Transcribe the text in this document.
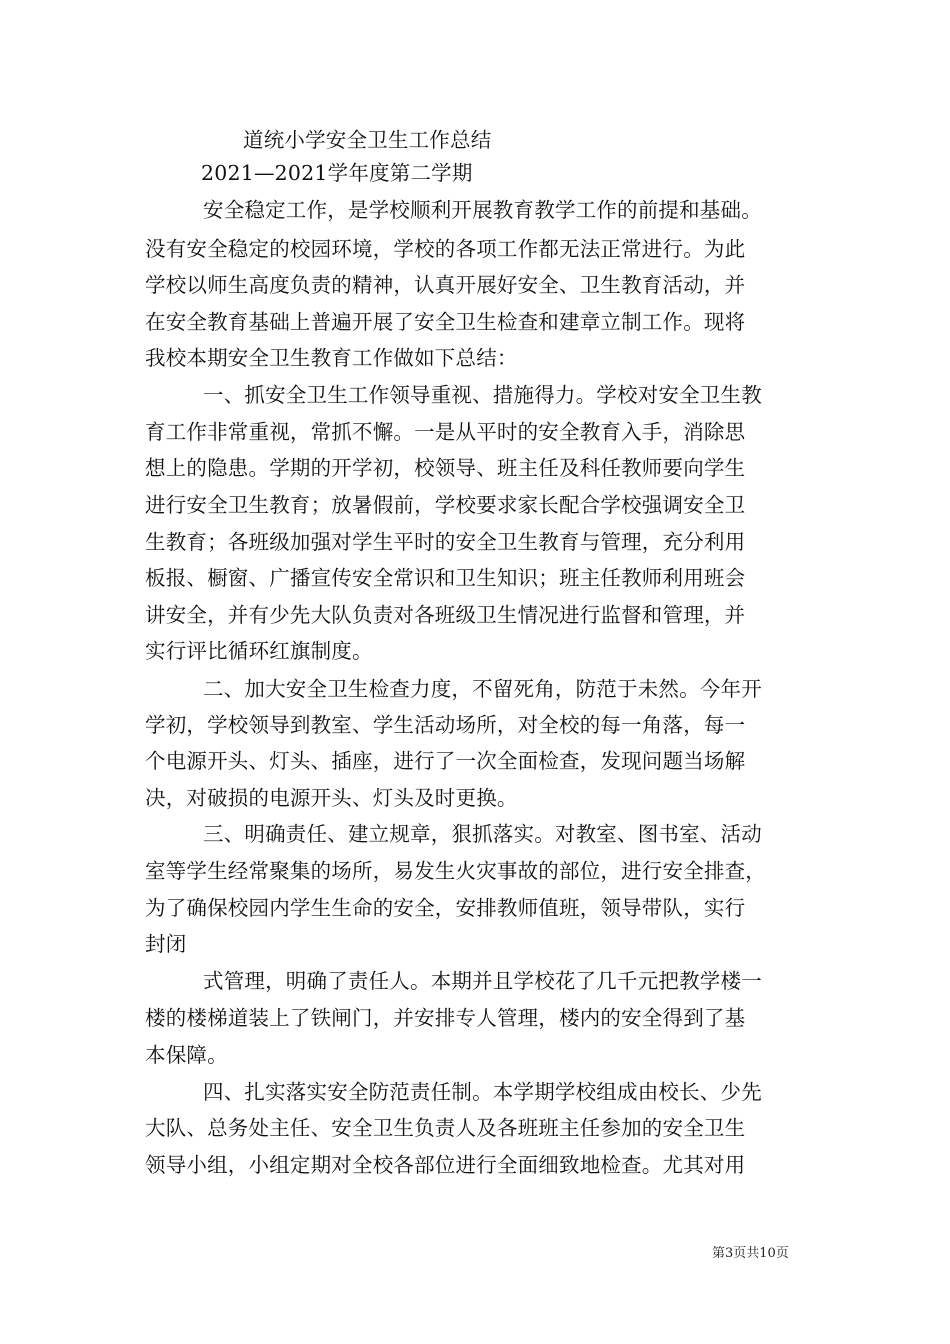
道统小学安全卫生工作总结
2021—2021学年度第二学期
安全稳定工作，是学校顺利开展教育教学工作的前提和基础。
没有安全稳定的校园环境，学校的各项工作都无法正常进行。为此
学校以师生高度负责的精神，认真开展好安全、卫生教育活动，并
在安全教育基础上普遍开展了安全卫生检查和建章立制工作。现将
我校本期安全卫生教育工作做如下总结：
一、抓安全卫生工作领导重视、措施得力。学校对安全卫生教
育工作非常重视，常抓不懈。一是从平时的安全教育入手，消除思
想上的隐患。学期的开学初，校领导、班主任及科任教师要向学生
进行安全卫生教育；放暑假前，学校要求家长配合学校强调安全卫
生教育；各班级加强对学生平时的安全卫生教育与管理，充分利用
板报、橱窗、广播宣传安全常识和卫生知识；班主任教师利用班会
讲安全，并有少先大队负责对各班级卫生情况进行监督和管理，并
实行评比循环红旗制度。
二、加大安全卫生检查力度，不留死角，防范于未然。今年开
学初，学校领导到教室、学生活动场所，对全校的每一角落，每一
个电源开头、灯头、插座，进行了一次全面检查，发现问题当场解
决，对破损的电源开头、灯头及时更换。
三、明确责任、建立规章，狠抓落实。对教室、图书室、活动
室等学生经常聚集的场所，易发生火灾事故的部位，进行安全排查，
为了确保校园内学生生命的安全，安排教师值班，领导带队，实行
封闭
式管理，明确了责任人。本期并且学校花了几千元把教学楼一
楼的楼梯道装上了铁闸门，并安排专人管理，楼内的安全得到了基
本保障。
四、扎实落实安全防范责任制。本学期学校组成由校长、少先
大队、总务处主任、安全卫生负责人及各班班主任参加的安全卫生
领导小组，小组定期对全校各部位进行全面细致地检查。尤其对用
第3页共10页
